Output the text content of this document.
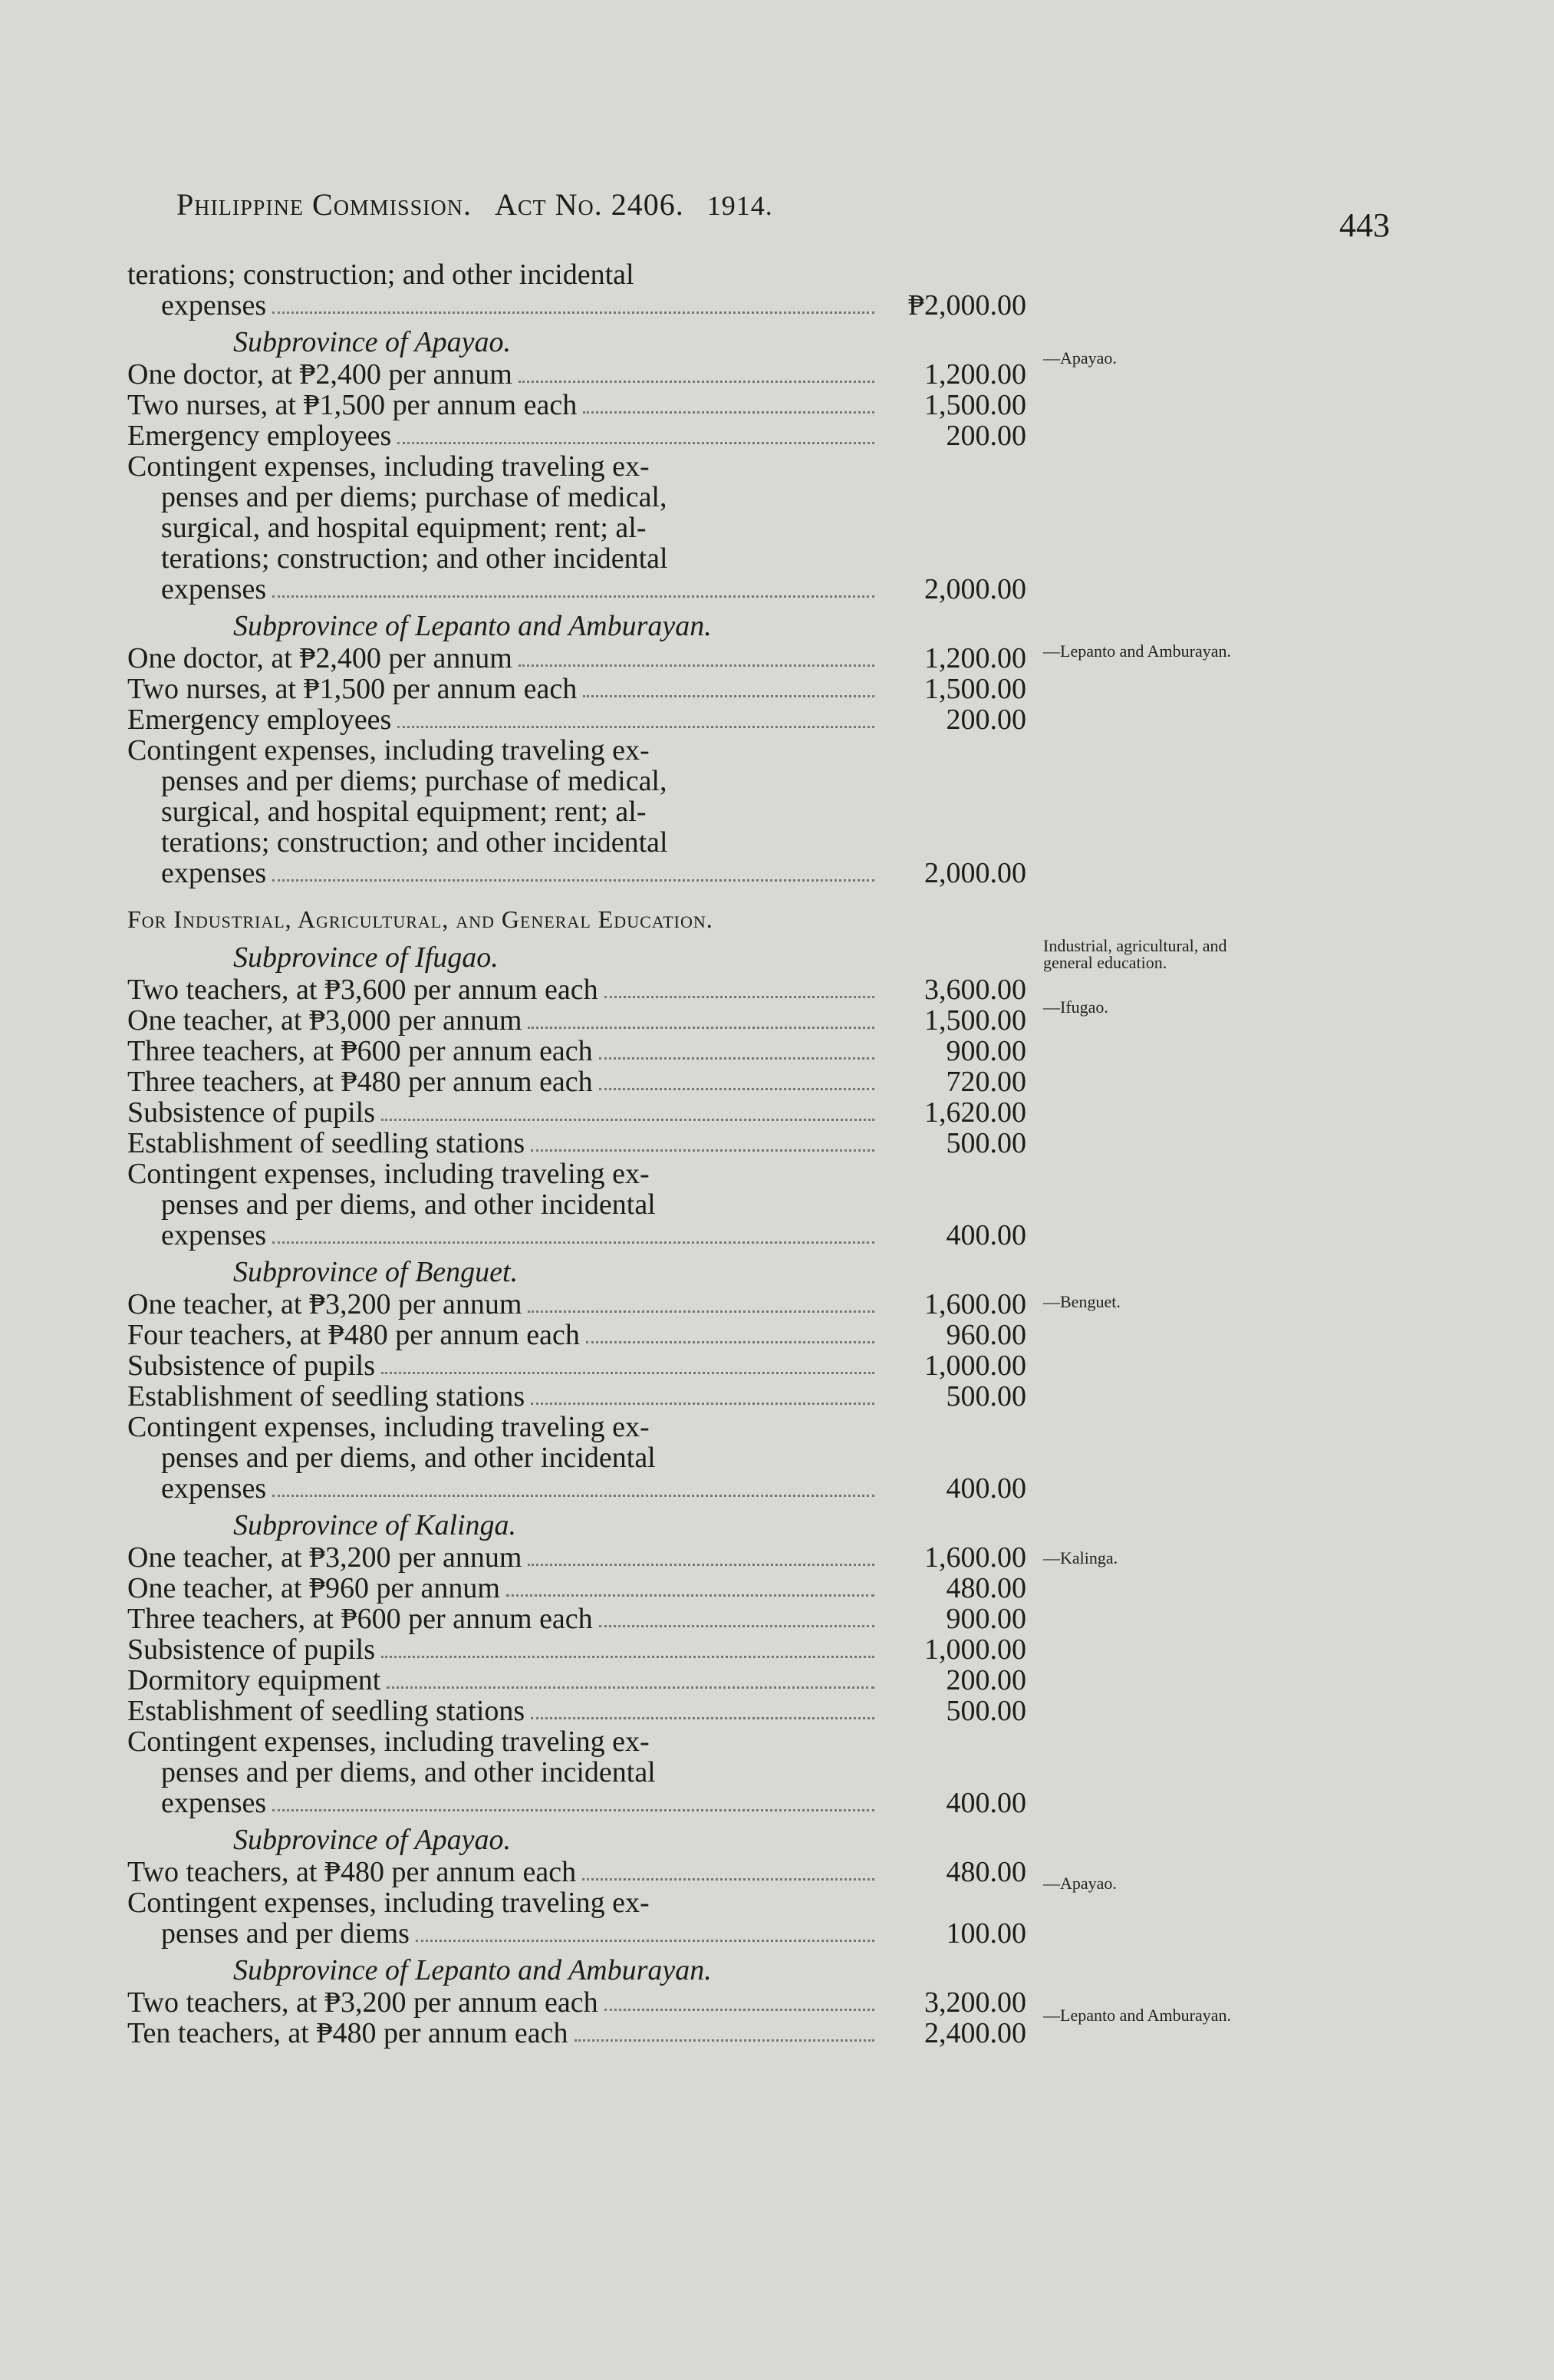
Philippine Commission. Act No. 2406. 1914.
443
terations; construction; and other incidental
expenses	₱2,000.00
Subprovince of Apayao.
One doctor, at ₱2,400 per annum	1,200.00
Two nurses, at ₱1,500 per annum each	1,500.00
Emergency employees	200.00
Contingent expenses, including traveling ex-
penses and per diems; purchase of medical,
surgical, and hospital equipment; rent; al-
terations; construction; and other incidental
expenses	2,000.00
Subprovince of Lepanto and Amburayan.
One doctor, at ₱2,400 per annum	1,200.00
Two nurses, at ₱1,500 per annum each	1,500.00
Emergency employees	200.00
Contingent expenses, including traveling ex-
penses and per diems; purchase of medical,
surgical, and hospital equipment; rent; al-
terations; construction; and other incidental
expenses	2,000.00
For Industrial, Agricultural, and General Education.
Subprovince of Ifugao.
Two teachers, at ₱3,600 per annum each	3,600.00
One teacher, at ₱3,000 per annum	1,500.00
Three teachers, at ₱600 per annum each	900.00
Three teachers, at ₱480 per annum each	720.00
Subsistence of pupils	1,620.00
Establishment of seedling stations	500.00
Contingent expenses, including traveling ex-
penses and per diems, and other incidental
expenses	400.00
Subprovince of Benguet.
One teacher, at ₱3,200 per annum	1,600.00
Four teachers, at ₱480 per annum each	960.00
Subsistence of pupils	1,000.00
Establishment of seedling stations	500.00
Contingent expenses, including traveling ex-
penses and per diems, and other incidental
expenses	400.00
Subprovince of Kalinga.
One teacher, at ₱3,200 per annum	1,600.00
One teacher, at ₱960 per annum	480.00
Three teachers, at ₱600 per annum each	900.00
Subsistence of pupils	1,000.00
Dormitory equipment	200.00
Establishment of seedling stations	500.00
Contingent expenses, including traveling ex-
penses and per diems, and other incidental
expenses	400.00
Subprovince of Apayao.
Two teachers, at ₱480 per annum each	480.00
Contingent expenses, including traveling ex-
penses and per diems	100.00
Subprovince of Lepanto and Amburayan.
Two teachers, at ₱3,200 per annum each	3,200.00
Ten teachers, at ₱480 per annum each	2,400.00
—Apayao.
—Lepanto and Amburayan.
Industrial, agricultural, and general education.
—Ifugao.
—Benguet.
—Kalinga.
—Apayao.
—Lepanto and Amburayan.
